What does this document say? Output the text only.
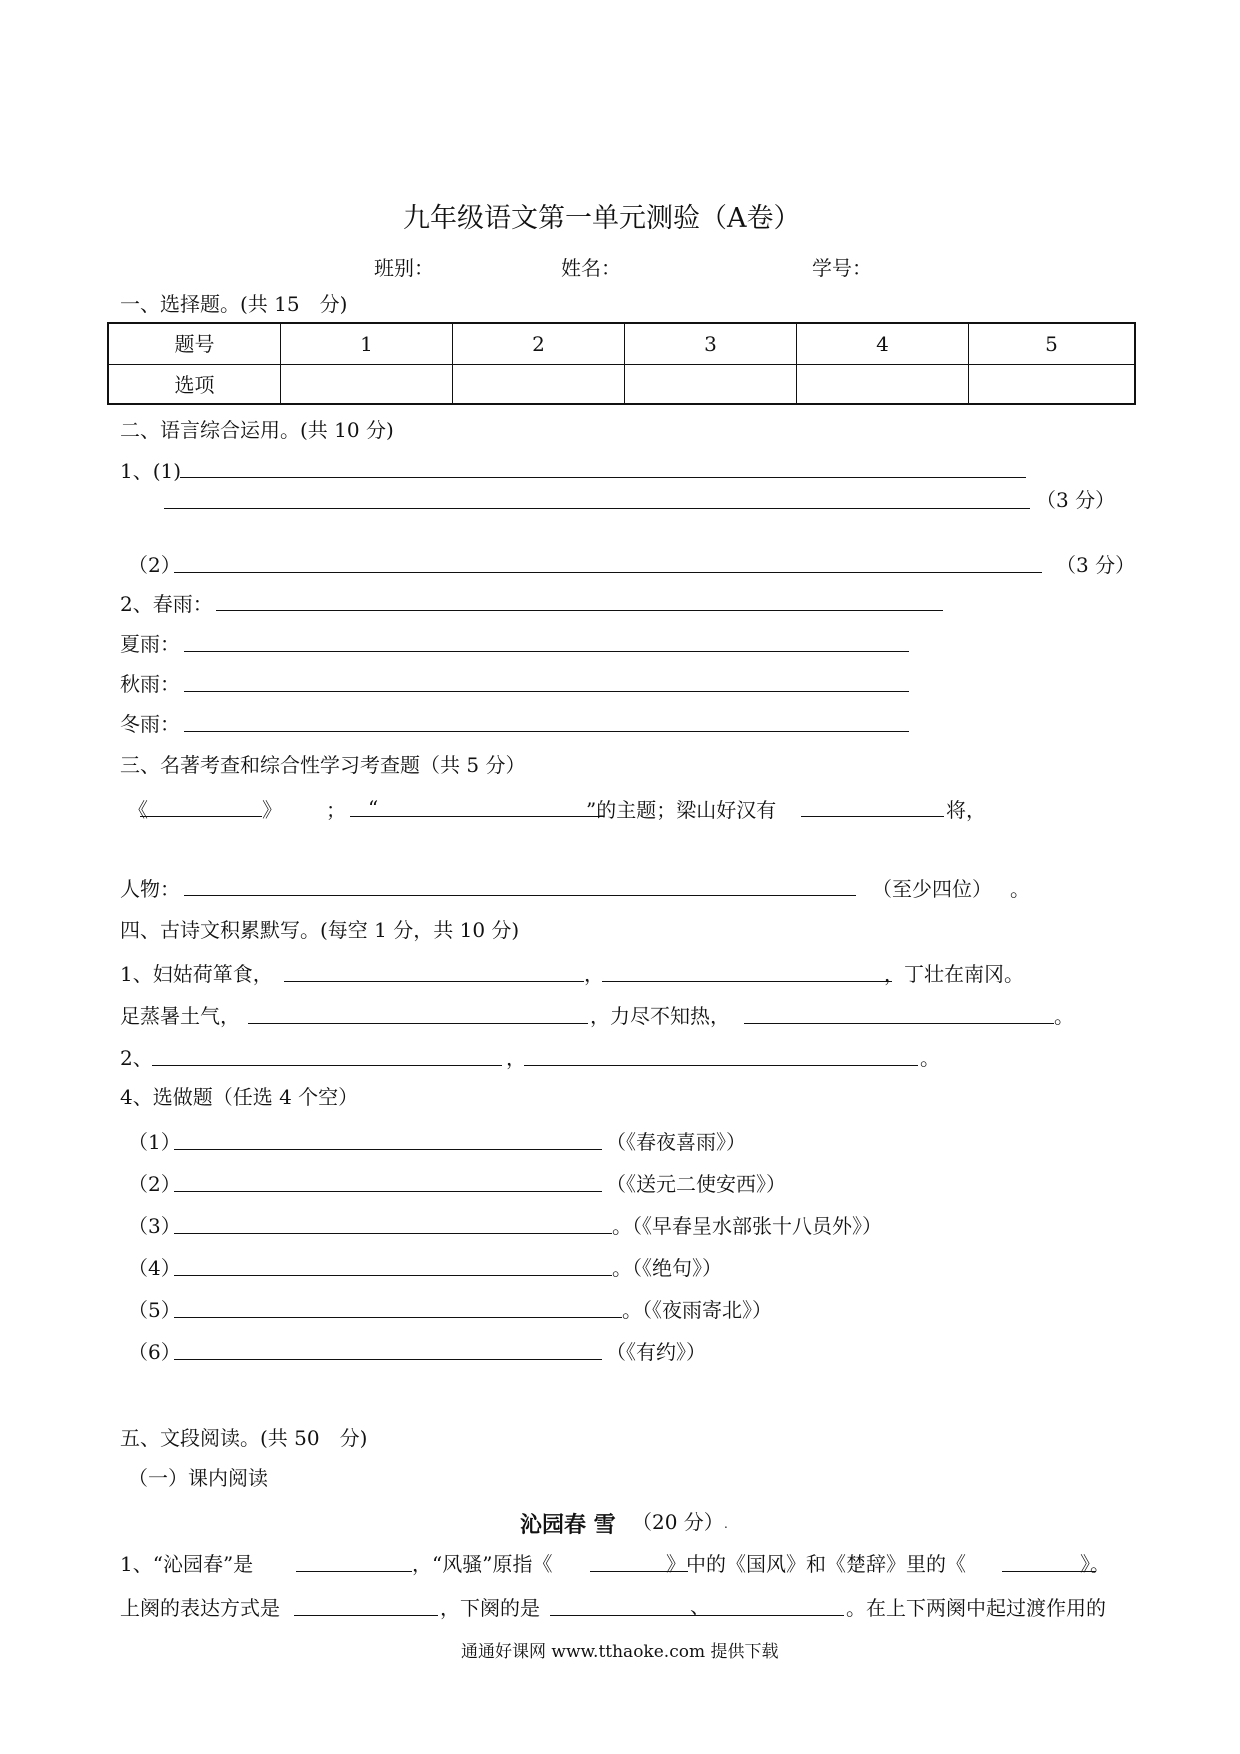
九年级语文第一单元测验（A卷）
班别：	姓名：	学号：
一、选择题。(共 15　分)
题号	1	2	3	4	5
选项
二、语言综合运用。(共 10 分)
1、(1)
（3 分）
（2）	（3 分）
2、春雨：
夏雨：
秋雨：
冬雨：
三、名著考查和综合性学习考查题（共 5 分）
《	》 ； “	”的主题；梁山好汉有	将，
人物：	（至少四位） 。
四、古诗文积累默写。(每空 1 分，共 10 分)
1、妇姑荷箪食，	，	，丁壮在南冈。
足蒸暑土气，	，力尽不知热，	。
2、	，	。
4、选做题（任选 4 个空）
（1）	（《春夜喜雨》）
（2）	（《送元二使安西》）
（3）	。（《早春呈水部张十八员外》）
（4）	。（《绝句》）
（5）	。（《夜雨寄北》）
（6）	（《有约》）
五、文段阅读。(共 50　分)
（一）课内阅读
沁园春 雪 （20 分） .
1、“沁园春”是	，“风骚”原指《	》中的《国风》和《楚辞》里的《	》。
上阕的表达方式是	，下阕的是	、	。在上下两阕中起过渡作用的
通通好课网 www.tthaoke.com 提供下载
